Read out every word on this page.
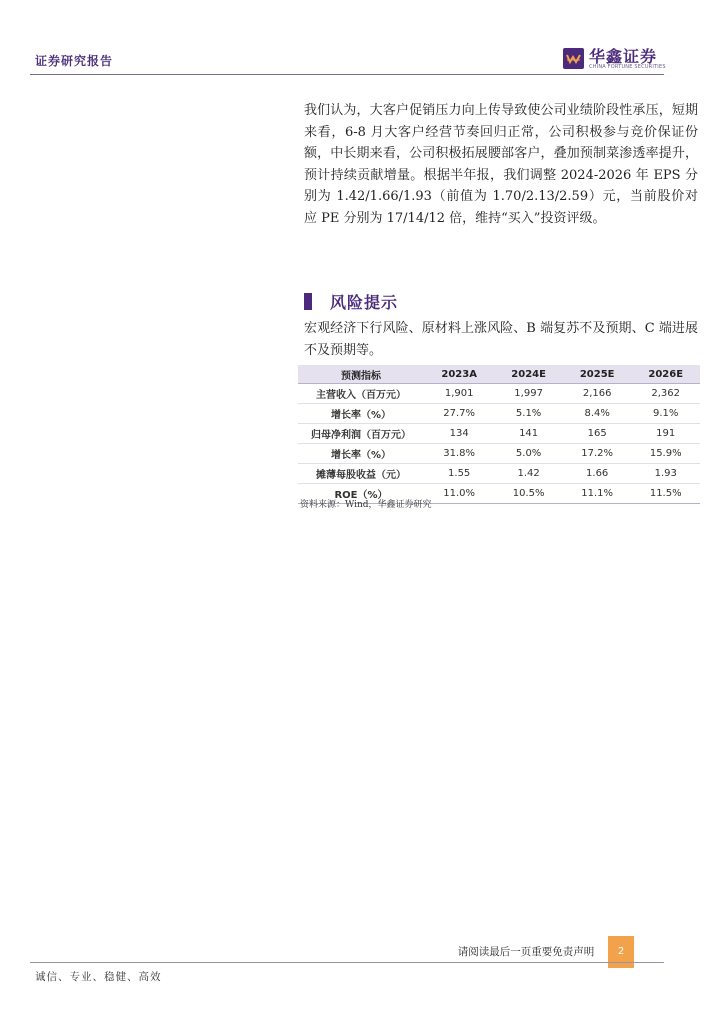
证券研究报告	华鑫证券
CHINA FORTUNE SECURITIES
我们认为，大客户促销压力向上传导致使公司业绩阶段性承压，短期来看，6-8 月大客户经营节奏回归正常，公司积极参与竞价保证份额，中长期来看，公司积极拓展腰部客户，叠加预制菜渗透率提升，预计持续贡献增量。根据半年报，我们调整 2024-2026 年 EPS 分别为 1.42/1.66/1.93（前值为 1.70/2.13/2.59）元，当前股价对应 PE 分别为 17/14/12 倍，维持“买入”投资评级。
风险提示
宏观经济下行风险、原材料上涨风险、B 端复苏不及预期、C 端进展不及预期等。
预测指标	2023A	2024E	2025E	2026E
主营收入（百万元）	1,901	1,997	2,166	2,362
增长率（%）	27.7%	5.1%	8.4%	9.1%
归母净利润（百万元）	134	141	165	191
增长率（%）	31.8%	5.0%	17.2%	15.9%
摊薄每股收益（元）	1.55	1.42	1.66	1.93
ROE（%）	11.0%	10.5%	11.1%	11.5%
资料来源：Wind，华鑫证券研究
请阅读最后一页重要免责声明	2
诚信、专业、稳健、高效
